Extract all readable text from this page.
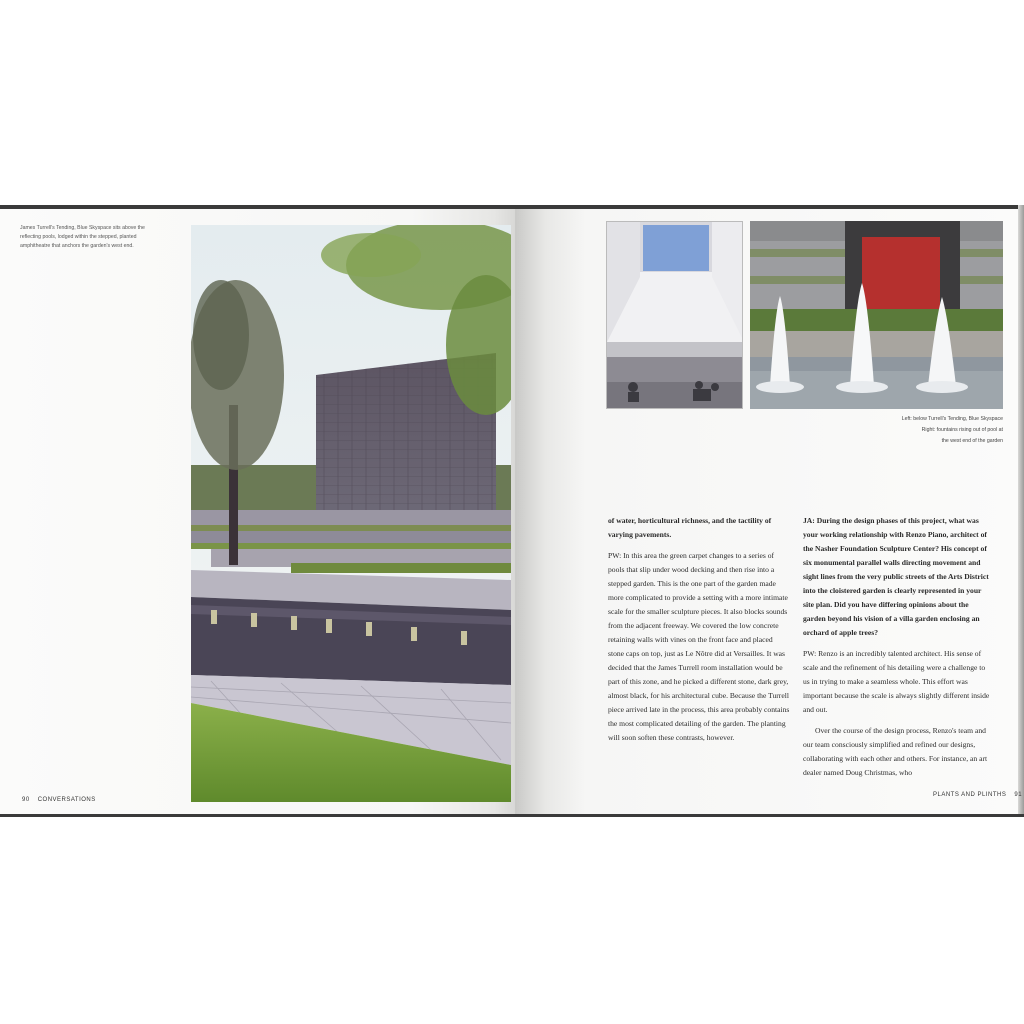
James Turrell's Tending, Blue Skyspace sits above the reflecting pools, lodged within the stepped, planted amphitheatre that anchors the garden's west end.
Left: below Turrell's Tending, Blue Skyspace
Right: fountains rising out of pool at
the west end of the garden

of water, horticultural richness, and the tactility of varying pavements.

PW: In this area the green carpet changes to a series of pools that slip under wood decking and then rise into a stepped garden. This is the one part of the garden made more complicated to provide a setting with a more intimate scale for the smaller sculpture pieces. It also blocks sounds from the adjacent freeway. We covered the low concrete retaining walls with vines on the front face and placed stone caps on top, just as Le Nôtre did at Versailles. It was decided that the James Turrell room installation would be part of this zone, and he picked a different stone, dark grey, almost black, for his architectural cube. Because the Turrell piece arrived late in the process, this area probably contains the most complicated detailing of the garden. The planting will soon soften these contrasts, however.

JA: During the design phases of this project, what was your working relationship with Renzo Piano, architect of the Nasher Foundation Sculpture Center? His concept of six monumental parallel walls directing movement and sight lines from the very public streets of the Arts District into the cloistered garden is clearly represented in your site plan. Did you have differing opinions about the garden beyond his vision of a villa garden enclosing an orchard of apple trees?

PW: Renzo is an incredibly talented architect. His sense of scale and the refinement of his detailing were a challenge to us in trying to make a seamless whole. This effort was important because the scale is always slightly different inside and out.

Over the course of the design process, Renzo's team and our team consciously simplified and refined our designs, collaborating with each other and others. For instance, an art dealer named Doug Christmas, who

90 CONVERSATIONS
PLANTS AND PLINTHS 91
